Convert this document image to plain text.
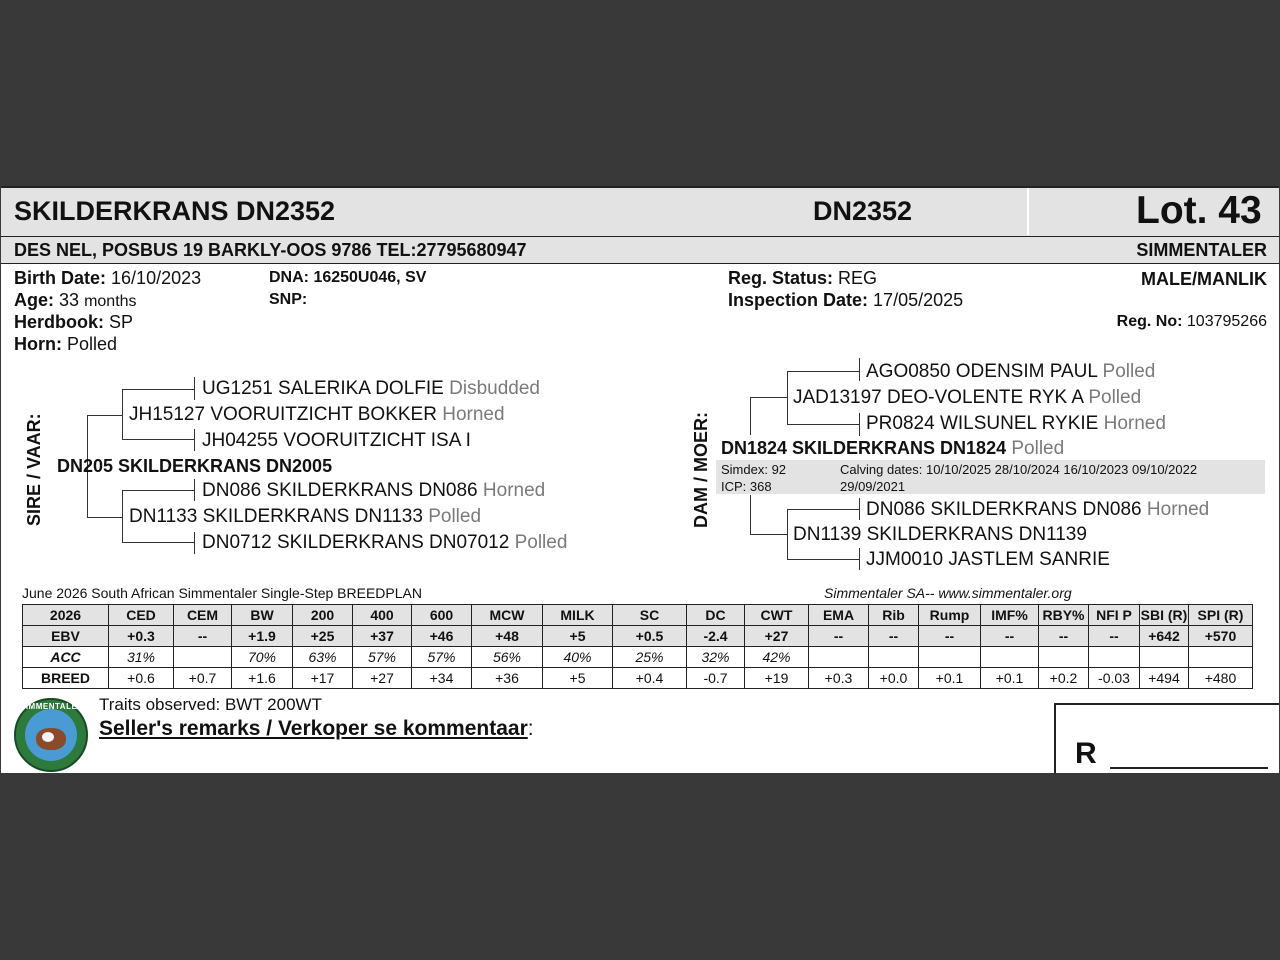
SKILDERKRANS DN2352	DN2352	Lot. 43
DES NEL, POSBUS 19 BARKLY-OOS 9786 TEL:27795680947	SIMMENTALER
Birth Date: 16/10/2023
Age: 33 months
Herdbook: SP
Horn: Polled
DNA: 16250U046, SV
SNP:
Reg. Status: REG
Inspection Date: 17/05/2025
MALE/MANLIK
Reg. No: 103795266
SIRE / VAAR:
UG1251 SALERIKA DOLFIE Disbudded
JH15127 VOORUITZICHT BOKKER Horned
JH04255 VOORUITZICHT ISA I
DN205 SKILDERKRANS DN2005
DN086 SKILDERKRANS DN086 Horned
DN1133 SKILDERKRANS DN1133 Polled
DN0712 SKILDERKRANS DN07012 Polled
DAM / MOER:
AGO0850 ODENSIM PAUL Polled
JAD13197 DEO-VOLENTE RYK A Polled
PR0824 WILSUNEL RYKIE Horned
DN1824 SKILDERKRANS DN1824 Polled
Simdex: 92
ICP: 368
Calving dates: 10/10/2025 28/10/2024 16/10/2023 09/10/2022
29/09/2021
DN086 SKILDERKRANS DN086 Horned
DN1139 SKILDERKRANS DN1139
JJM0010 JASTLEM SANRIE
June 2026 South African Simmentaler Single-Step BREEDPLAN	Simmentaler SA-- www.simmentaler.org
2026	CED	CEM	BW	200	400	600	MCW	MILK	SC	DC	CWT	EMA	Rib	Rump	IMF%	RBY%	NFI P	SBI (R)	SPI (R)
EBV	+0.3	--	+1.9	+25	+37	+46	+48	+5	+0.5	-2.4	+27	--	--	--	--	--	--	+642	+570
ACC	31%		70%	63%	57%	57%	56%	40%	25%	32%	42%								
BREED	+0.6	+0.7	+1.6	+17	+27	+34	+36	+5	+0.4	-0.7	+19	+0.3	+0.0	+0.1	+0.1	+0.2	-0.03	+494	+480
SIMMENTALER Traits observed: BWT 200WT
Seller's remarks / Verkoper se kommentaar:
R
